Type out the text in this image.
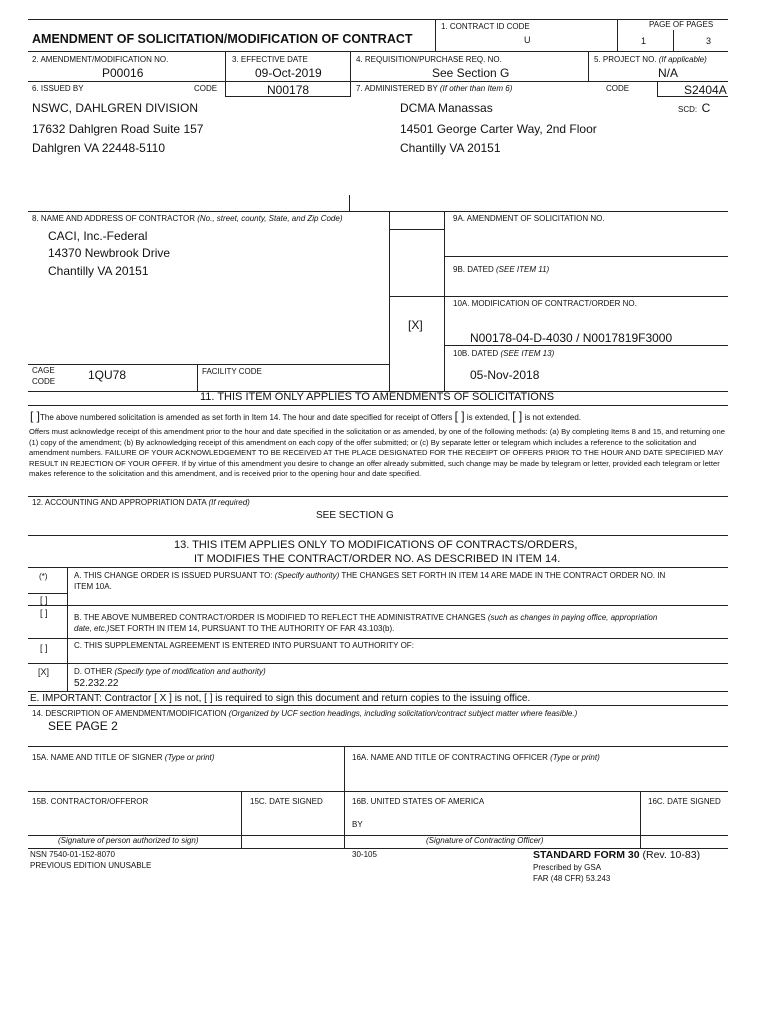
AMENDMENT OF SOLICITATION/MODIFICATION OF CONTRACT
1. CONTRACT ID CODE
U
PAGE OF PAGES
1	3
2. AMENDMENT/MODIFICATION NO.
P00016
3. EFFECTIVE DATE
09-Oct-2019
4. REQUISITION/PURCHASE REQ. NO.
See Section G
5. PROJECT NO. (If applicable)
N/A
6. ISSUED BY	CODE	N00178	7. ADMINISTERED BY (If other than Item 6)	CODE	S2404A
NSWC, DAHLGREN DIVISION
17632 Dahlgren Road Suite 157
Dahlgren VA 22448-5110
DCMA Manassas
14501 George Carter Way, 2nd Floor
Chantilly VA 20151
SCD: C
8. NAME AND ADDRESS OF CONTRACTOR (No., street, county, State, and Zip Code)
CACI, Inc.-Federal
14370 Newbrook Drive
Chantilly VA 20151
9A. AMENDMENT OF SOLICITATION NO.
9B. DATED (SEE ITEM 11)
[X]
10A. MODIFICATION OF CONTRACT/ORDER NO.
N00178-04-D-4030 / N0017819F3000
10B. DATED (SEE ITEM 13)
05-Nov-2018
CAGE
CODE	1QU78	FACILITY CODE
11. THIS ITEM ONLY APPLIES TO AMENDMENTS OF SOLICITATIONS
[ ]The above numbered solicitation is amended as set forth in Item 14. The hour and date specified for receipt of Offers [ ] is extended, [ ] is not extended.
Offers must acknowledge receipt of this amendment prior to the hour and date specified in the solicitation or as amended, by one of the following methods: (a) By completing Items 8 and 15, and returning one (1) copy of the amendment; (b) By acknowledging receipt of this amendment on each copy of the offer submitted; or (c) By separate letter or telegram which includes a reference to the solicitation and amendment numbers. FAILURE OF YOUR ACKNOWLEDGEMENT TO BE RECEIVED AT THE PLACE DESIGNATED FOR THE RECEIPT OF OFFERS PRIOR TO THE HOUR AND DATE SPECIFIED MAY RESULT IN REJECTION OF YOUR OFFER. If by virtue of this amendment you desire to change an offer already submitted, such change may be made by telegram or letter, provided each telegram or letter makes reference to the solicitation and this amendment, and is received prior to the opening hour and date specified.
12. ACCOUNTING AND APPROPRIATION DATA (If required)
SEE SECTION G
13. THIS ITEM APPLIES ONLY TO MODIFICATIONS OF CONTRACTS/ORDERS,
IT MODIFIES THE CONTRACT/ORDER NO. AS DESCRIBED IN ITEM 14.
(*)	A. THIS CHANGE ORDER IS ISSUED PURSUANT TO: (Specify authority) THE CHANGES SET FORTH IN ITEM 14 ARE MADE IN THE CONTRACT ORDER NO. IN
ITEM 10A.
[ ]
[ ]	B. THE ABOVE NUMBERED CONTRACT/ORDER IS MODIFIED TO REFLECT THE ADMINISTRATIVE CHANGES (such as changes in paying office, appropriation
date, etc.)SET FORTH IN ITEM 14, PURSUANT TO THE AUTHORITY OF FAR 43.103(b).
[ ]	C. THIS SUPPLEMENTAL AGREEMENT IS ENTERED INTO PURSUANT TO AUTHORITY OF:
[X]	D. OTHER (Specify type of modification and authority)
52.232.22
E. IMPORTANT: Contractor [ X ] is not, [ ] is required to sign this document and return copies to the issuing office.
14. DESCRIPTION OF AMENDMENT/MODIFICATION (Organized by UCF section headings, including solicitation/contract subject matter where feasible.)
SEE PAGE 2
15A. NAME AND TITLE OF SIGNER (Type or print)	16A. NAME AND TITLE OF CONTRACTING OFFICER (Type or print)
15B. CONTRACTOR/OFFEROR	15C. DATE SIGNED	16B. UNITED STATES OF AMERICA	16C. DATE SIGNED
BY
(Signature of person authorized to sign)	(Signature of Contracting Officer)
NSN 7540-01-152-8070
PREVIOUS EDITION UNUSABLE
30-105	STANDARD FORM 30 (Rev. 10-83)
Prescribed by GSA
FAR (48 CFR) 53.243
